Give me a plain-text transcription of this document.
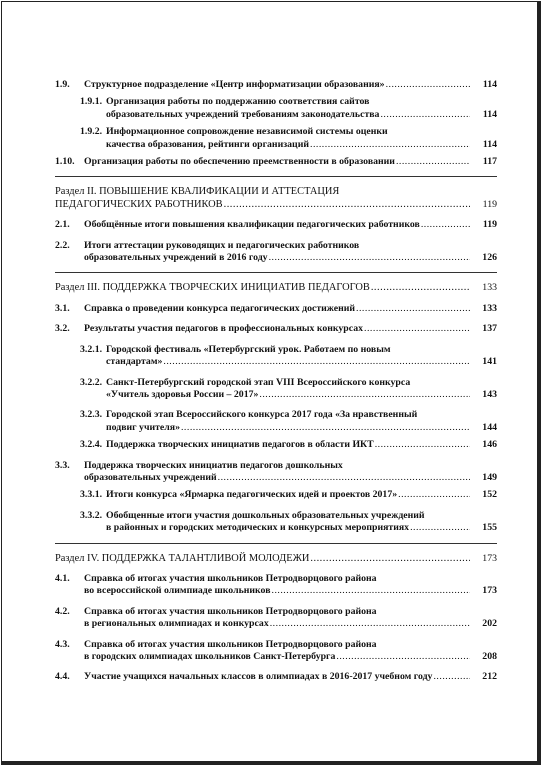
1.9. Структурное подразделение «Центр информатизации образования» .....	114
1.9.1. Организация работы по поддержанию соответствия сайтов
образовательных учреждений требованиям законодательства .....	114
1.9.2. Информационное сопровождение независимой системы оценки
качества образования, рейтинги организаций .....	114
1.10. Организация работы по обеспечению преемственности в образовании .....	117
Раздел II. ПОВЫШЕНИЕ КВАЛИФИКАЦИИ И АТТЕСТАЦИЯ
ПЕДАГОГИЧЕСКИХ РАБОТНИКОВ .....	119
2.1. Обобщённые итоги повышения квалификации педагогических работников .....	119
2.2. Итоги аттестации руководящих и педагогических работников
образовательных учреждений в 2016 году .....	126
Раздел III. ПОДДЕРЖКА ТВОРЧЕСКИХ ИНИЦИАТИВ ПЕДАГОГОВ .....	133
3.1. Справка о проведении конкурса педагогических достижений .....	133
3.2. Результаты участия педагогов в профессиональных конкурсах .....	137
3.2.1. Городской фестиваль «Петербургский урок. Работаем по новым
стандартам» .....	141
3.2.2. Санкт-Петербургский городской этап VIII Всероссийского конкурса
«Учитель здоровья России – 2017» .....	143
3.2.3. Городской этап Всероссийского конкурса 2017 года «За нравственный
подвиг учителя» .....	144
3.2.4. Поддержка творческих инициатив педагогов в области ИКТ .....	146
3.3. Поддержка творческих инициатив педагогов дошкольных
образовательных учреждений .....	149
3.3.1. Итоги конкурса «Ярмарка педагогических идей и проектов 2017» .....	152
3.3.2. Обобщенные итоги участия дошкольных образовательных учреждений
в районных и городских методических и конкурсных мероприятиях .....	155
Раздел IV. ПОДДЕРЖКА ТАЛАНТЛИВОЙ МОЛОДЕЖИ .....	173
4.1. Справка об итогах участия школьников Петродворцового района
во всероссийской олимпиаде школьников .....	173
4.2. Справка об итогах участия школьников Петродворцового района
в региональных олимпиадах и конкурсах .....	202
4.3. Справка об итогах участия школьников Петродворцового района
в городских олимпиадах школьников Санкт-Петербурга .....	208
4.4. Участие учащихся начальных классов в олимпиадах в 2016-2017 учебном году .....	212
